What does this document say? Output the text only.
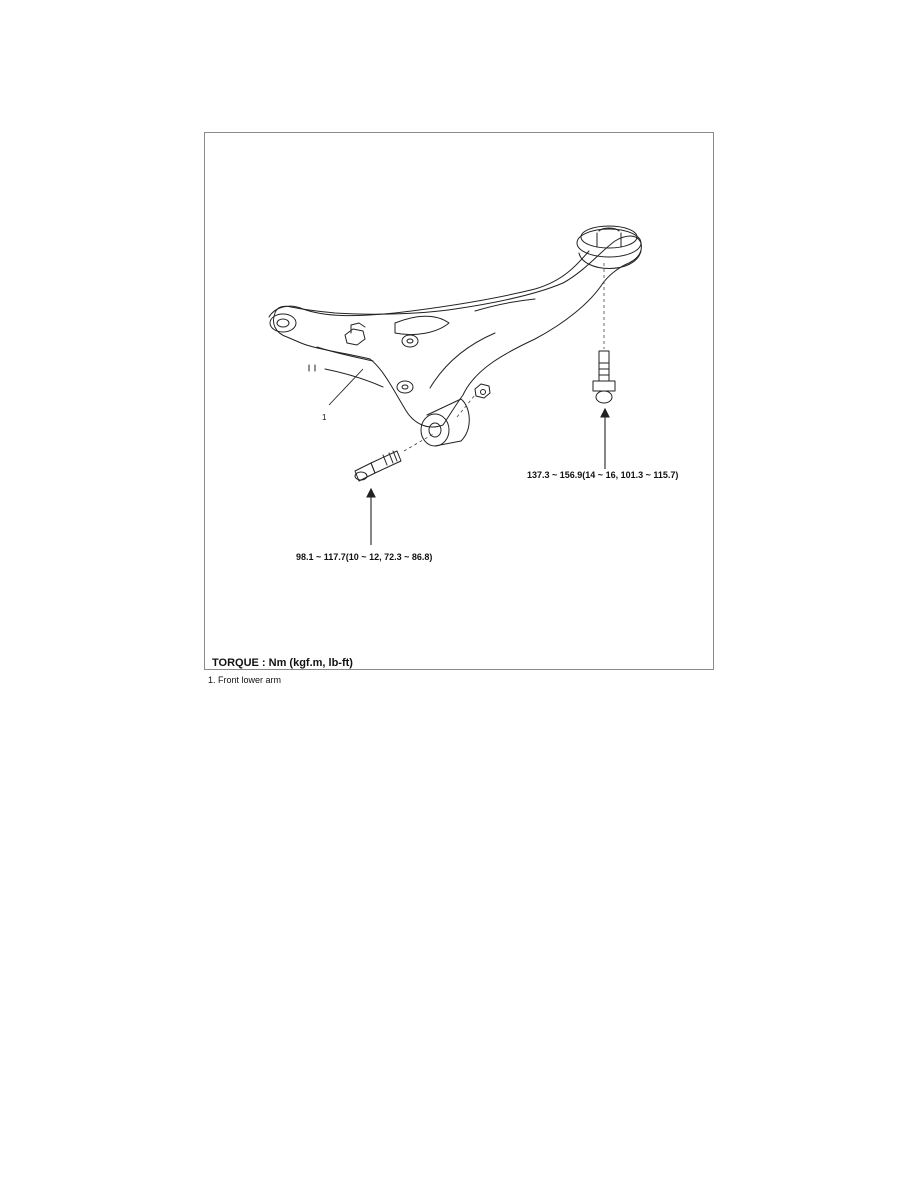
1
98.1 ~ 117.7(10 ~ 12, 72.3 ~ 86.8)
137.3 ~ 156.9(14 ~ 16, 101.3 ~ 115.7)
TORQUE : Nm (kgf.m, lb-ft)
1. Front lower arm
